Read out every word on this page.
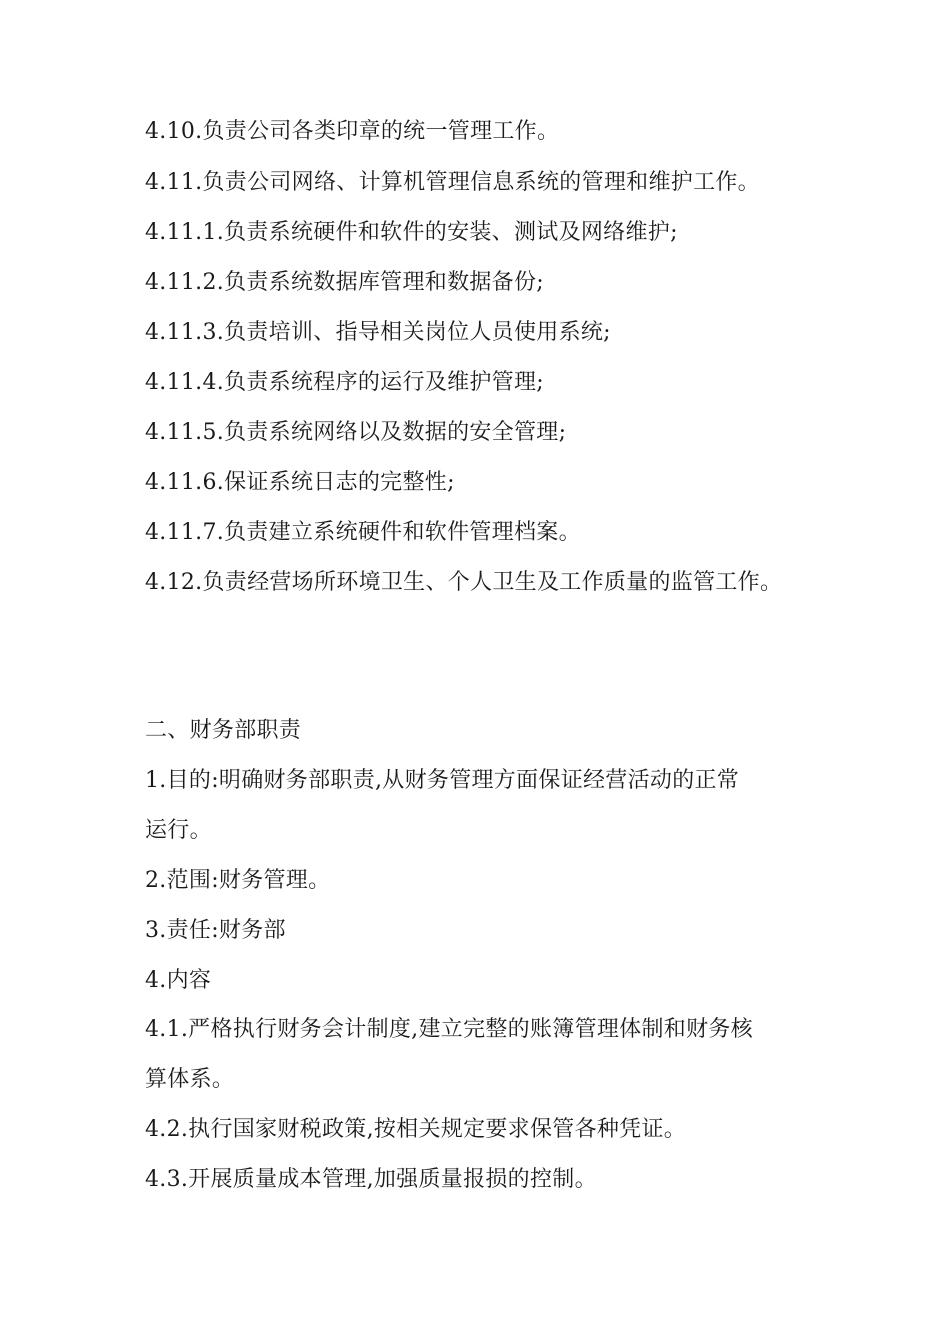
4.10.负责公司各类印章的统一管理工作。
4.11.负责公司网络、计算机管理信息系统的管理和维护工作。
4.11.1.负责系统硬件和软件的安装、测试及网络维护;
4.11.2.负责系统数据库管理和数据备份;
4.11.3.负责培训、指导相关岗位人员使用系统;
4.11.4.负责系统程序的运行及维护管理;
4.11.5.负责系统网络以及数据的安全管理;
4.11.6.保证系统日志的完整性;
4.11.7.负责建立系统硬件和软件管理档案。
4.12.负责经营场所环境卫生、个人卫生及工作质量的监管工作。
二、财务部职责
1.目的:明确财务部职责,从财务管理方面保证经营活动的正常
运行。
2.范围:财务管理。
3.责任:财务部
4.内容
4.1.严格执行财务会计制度,建立完整的账簿管理体制和财务核
算体系。
4.2.执行国家财税政策,按相关规定要求保管各种凭证。
4.3.开展质量成本管理,加强质量报损的控制。
